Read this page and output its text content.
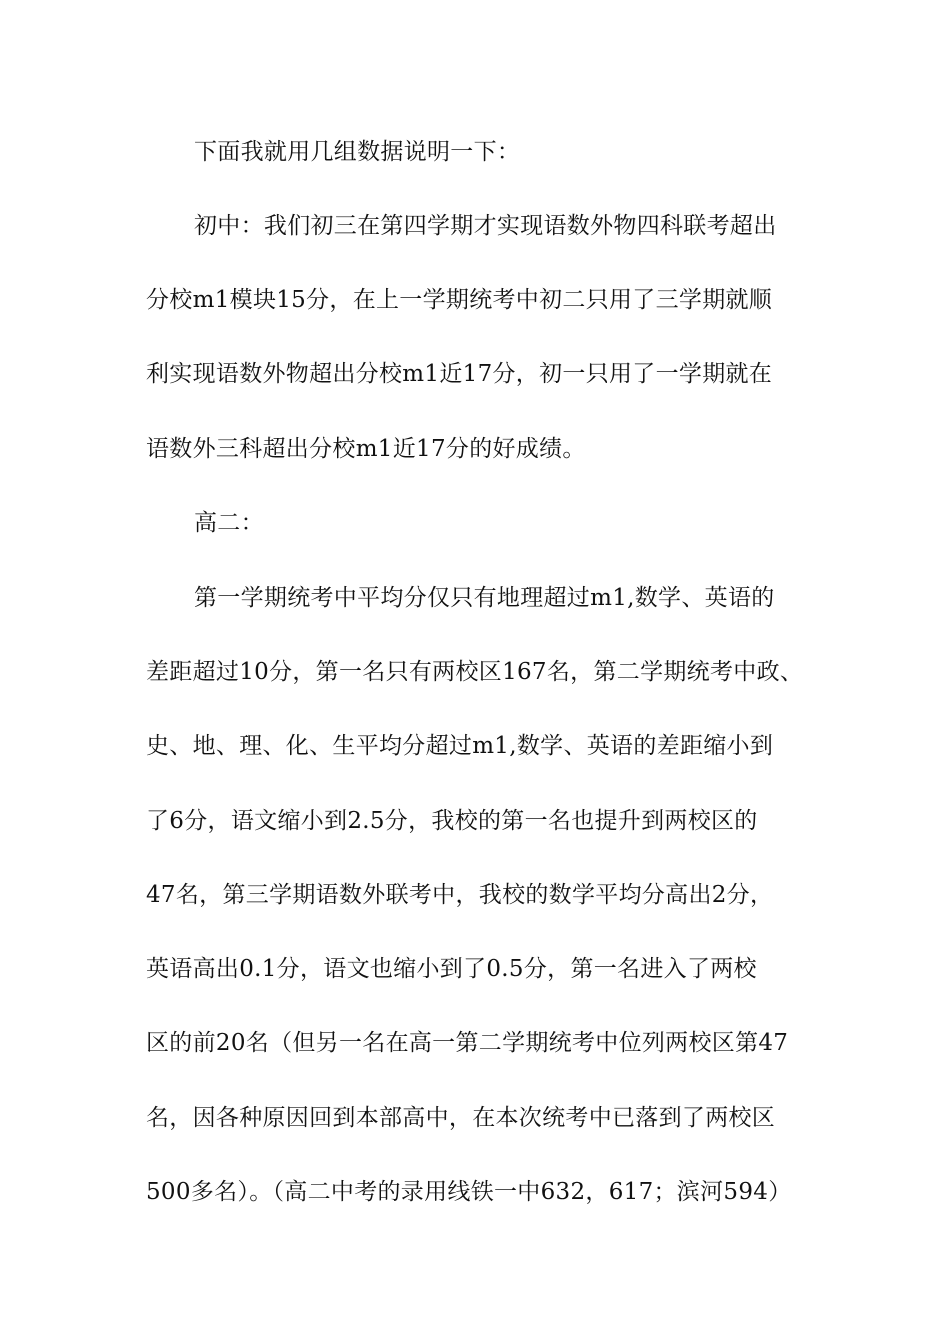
下面我就用几组数据说明一下：
初中：我们初三在第四学期才实现语数外物四科联考超出
分校m1模块15分，在上一学期统考中初二只用了三学期就顺
利实现语数外物超出分校m1近17分，初一只用了一学期就在
语数外三科超出分校m1近17分的好成绩。
高二：
第一学期统考中平均分仅只有地理超过m1,数学、英语的
差距超过10分，第一名只有两校区167名，第二学期统考中政、
史、地、理、化、生平均分超过m1,数学、英语的差距缩小到
了6分，语文缩小到2.5分，我校的第一名也提升到两校区的
47名，第三学期语数外联考中，我校的数学平均分高出2分，
英语高出0.1分，语文也缩小到了0.5分，第一名进入了两校
区的前20名（但另一名在高一第二学期统考中位列两校区第47
名，因各种原因回到本部高中，在本次统考中已落到了两校区
500多名）。（高二中考的录用线铁一中632，617；滨河594）
